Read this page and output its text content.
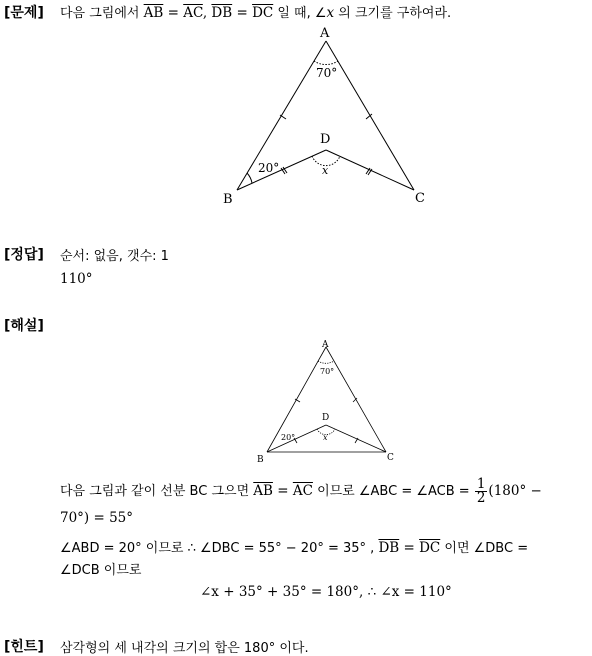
[문제] 다음 그림에서 $\overline{AB} = \overline{AC}$, $\overline{DB} = \overline{DC}$ 일 때, ∠x 의 크기를 구하여라.
A
B	C
D
70°
20°	x
[정답] 순서: 없음, 갯수: 1
110°
[해설]
A
B	C
D
70°
20°	x
다음 그림과 같이 선분 BC 그으면 $\overline{AB} = \overline{AC}$ 이므로 ∠ABC = ∠ACB = $\frac{1}{2} (180^\circ$ −
70°) = 55°
∠ABD = 20° 이므로 ∴ ∠DBC = 55° − 20° = 35° , $\overline{DB} = \overline{DC}$ 이면 ∠DBC =
∠DCB 이므로
∠x + 35° + 35° = 180°, ∴ ∠x = 110°
[힌트] 삼각형의 세 내각의 크기의 합은 180° 이다.
